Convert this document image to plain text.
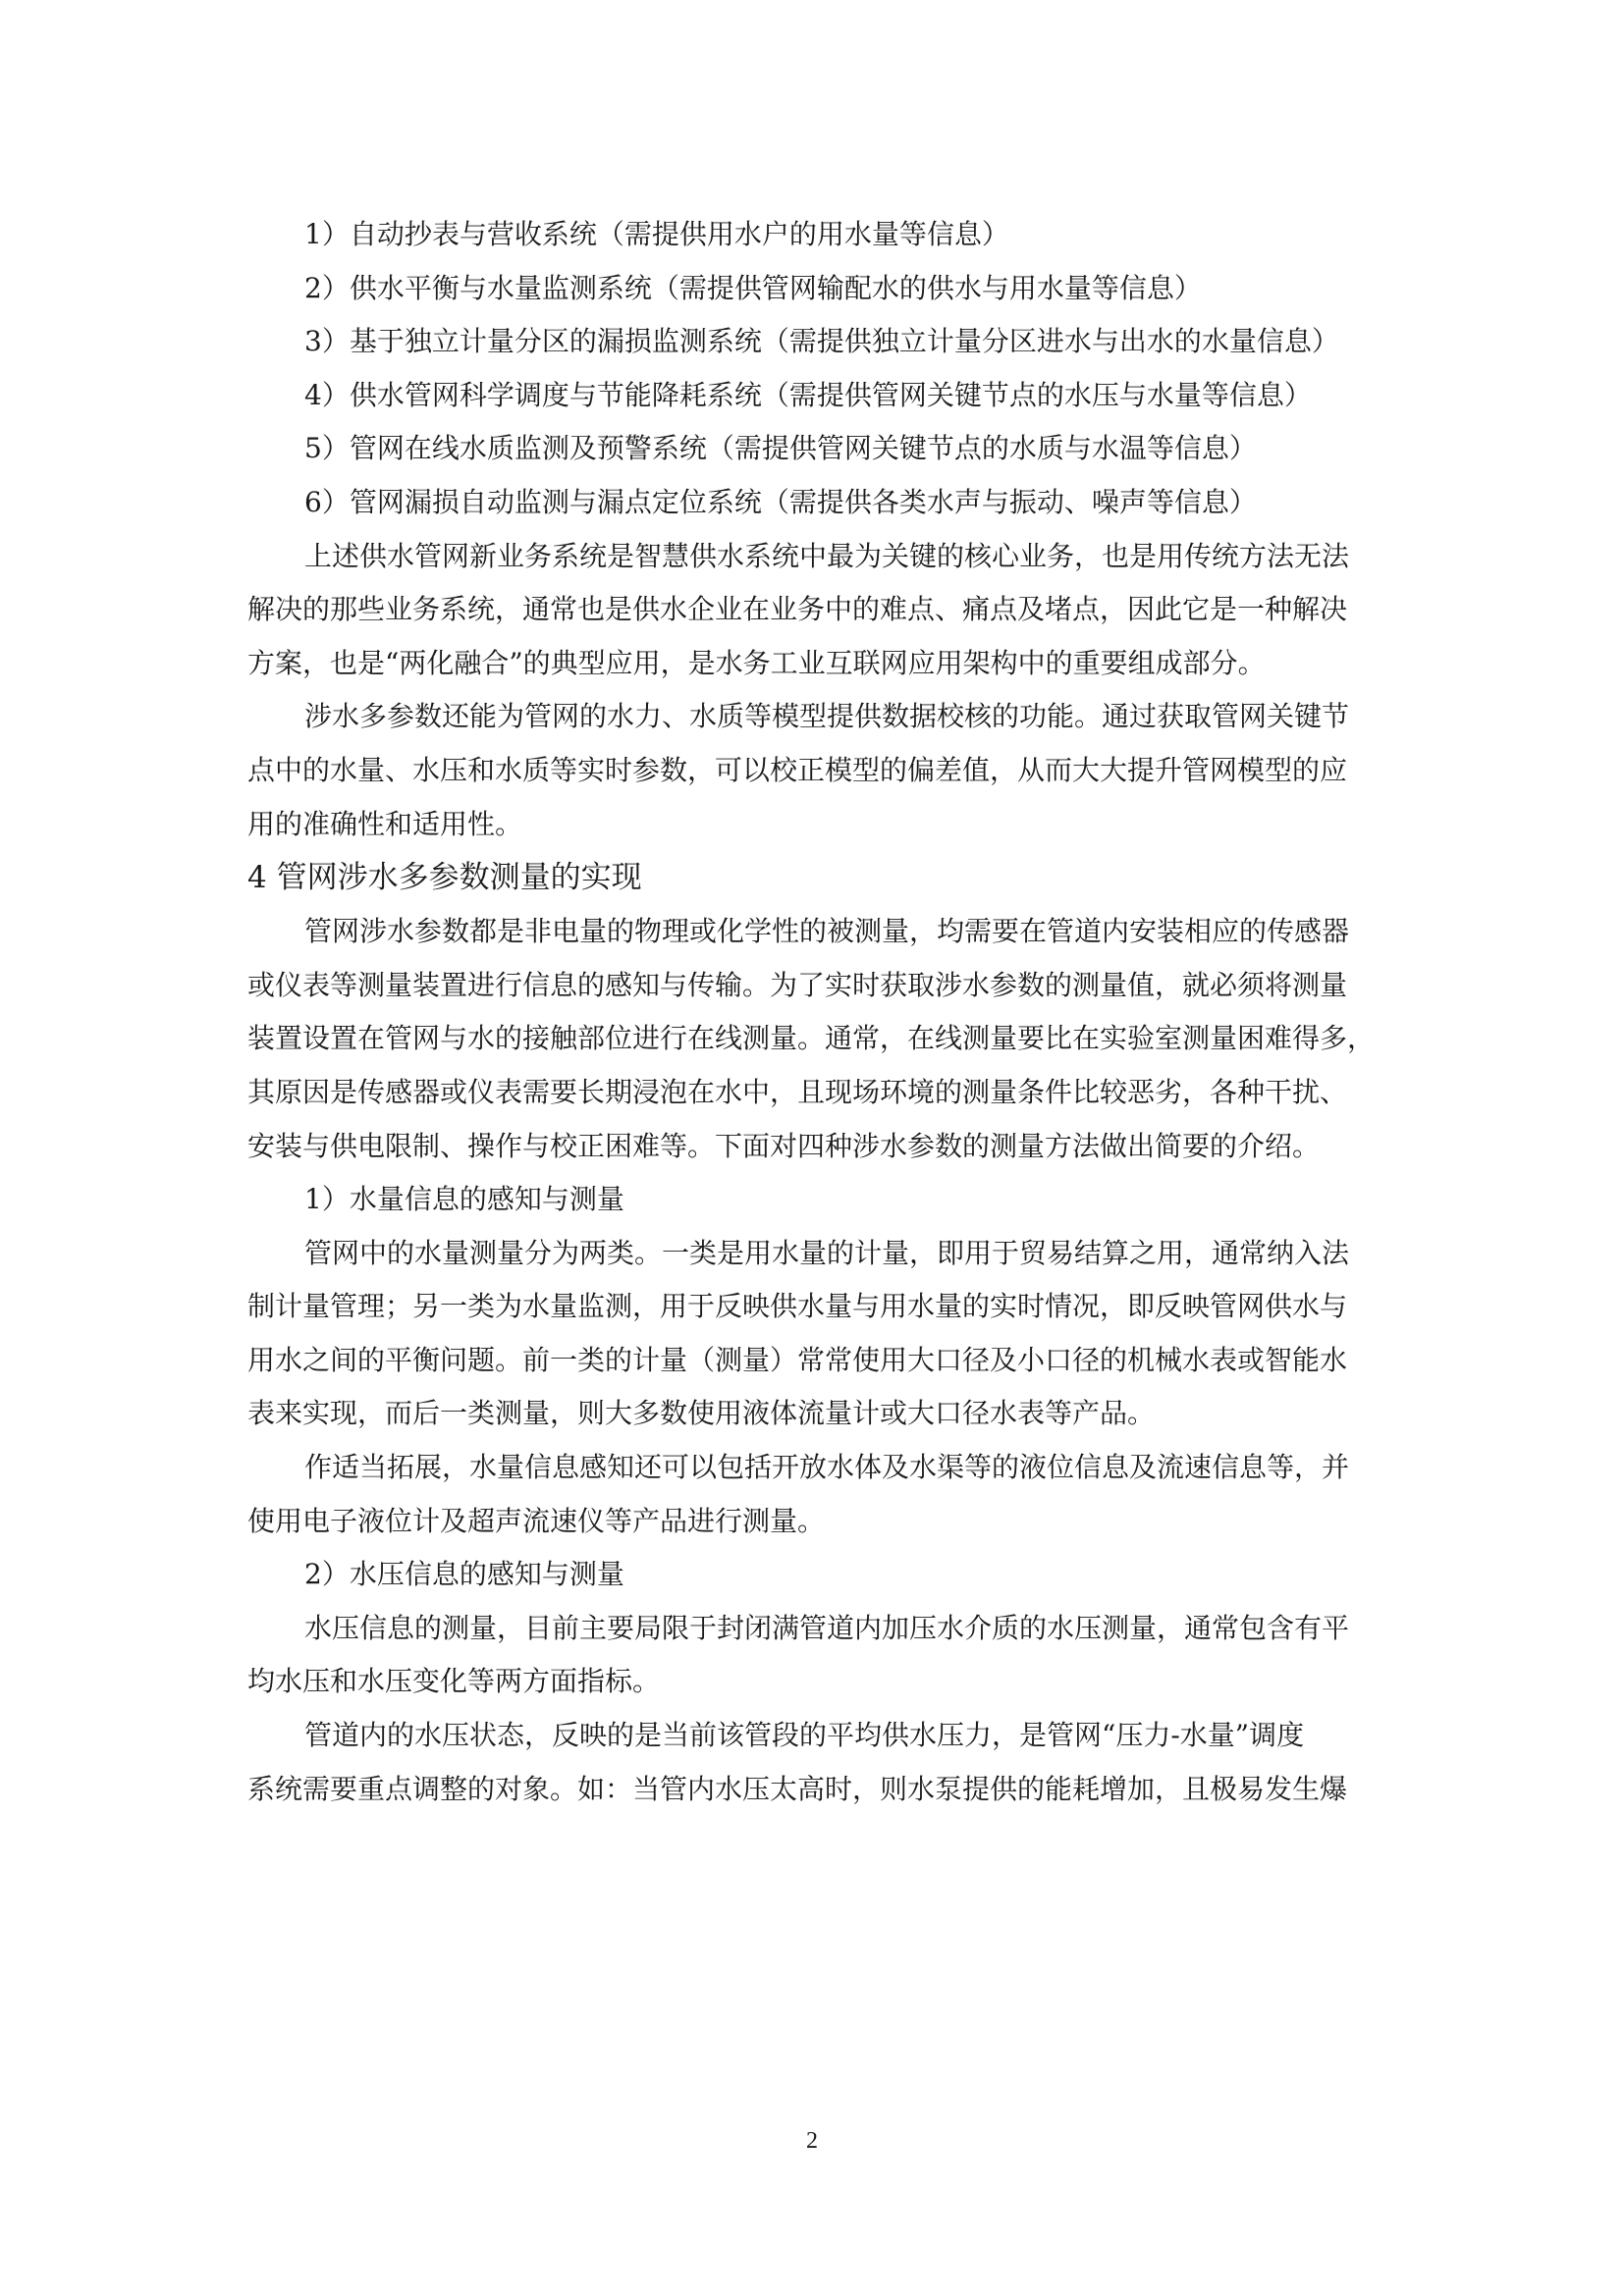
1）自动抄表与营收系统（需提供用水户的用水量等信息）
2）供水平衡与水量监测系统（需提供管网输配水的供水与用水量等信息）
3）基于独立计量分区的漏损监测系统（需提供独立计量分区进水与出水的水量信息）
4）供水管网科学调度与节能降耗系统（需提供管网关键节点的水压与水量等信息）
5）管网在线水质监测及预警系统（需提供管网关键节点的水质与水温等信息）
6）管网漏损自动监测与漏点定位系统（需提供各类水声与振动、噪声等信息）
上述供水管网新业务系统是智慧供水系统中最为关键的核心业务，也是用传统方法无法
解决的那些业务系统，通常也是供水企业在业务中的难点、痛点及堵点，因此它是一种解决
方案，也是“两化融合”的典型应用，是水务工业互联网应用架构中的重要组成部分。
涉水多参数还能为管网的水力、水质等模型提供数据校核的功能。通过获取管网关键节
点中的水量、水压和水质等实时参数，可以校正模型的偏差值，从而大大提升管网模型的应
用的准确性和适用性。
4 管网涉水多参数测量的实现
管网涉水参数都是非电量的物理或化学性的被测量，均需要在管道内安装相应的传感器
或仪表等测量装置进行信息的感知与传输。为了实时获取涉水参数的测量值，就必须将测量
装置设置在管网与水的接触部位进行在线测量。通常，在线测量要比在实验室测量困难得多，
其原因是传感器或仪表需要长期浸泡在水中，且现场环境的测量条件比较恶劣，各种干扰、
安装与供电限制、操作与校正困难等。下面对四种涉水参数的测量方法做出简要的介绍。
1）水量信息的感知与测量
管网中的水量测量分为两类。一类是用水量的计量，即用于贸易结算之用，通常纳入法
制计量管理；另一类为水量监测，用于反映供水量与用水量的实时情况，即反映管网供水与
用水之间的平衡问题。前一类的计量（测量）常常使用大口径及小口径的机械水表或智能水
表来实现，而后一类测量，则大多数使用液体流量计或大口径水表等产品。
作适当拓展，水量信息感知还可以包括开放水体及水渠等的液位信息及流速信息等，并
使用电子液位计及超声流速仪等产品进行测量。
2）水压信息的感知与测量
水压信息的测量，目前主要局限于封闭满管道内加压水介质的水压测量，通常包含有平
均水压和水压变化等两方面指标。
管道内的水压状态，反映的是当前该管段的平均供水压力，是管网“压力-水量”调度
系统需要重点调整的对象。如：当管内水压太高时，则水泵提供的能耗增加，且极易发生爆
2
